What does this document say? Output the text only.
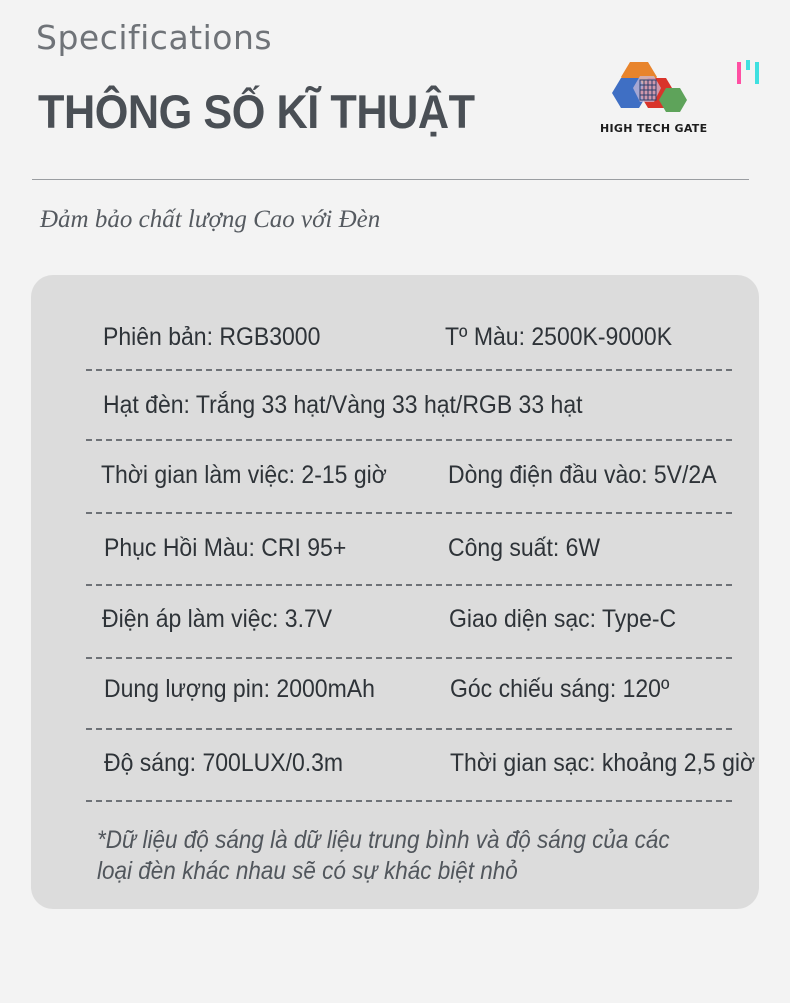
Specifications
THÔNG SỐ KĨ THUẬT	HIGH TECH GATE
Đảm bảo chất lượng Cao với Đèn
Phiên bản: RGB3000	Tº Màu: 2500K-9000K
Hạt đèn: Trắng 33 hạt/Vàng 33 hạt/RGB 33 hạt
Thời gian làm việc: 2-15 giờ Dòng điện đầu vào: 5V/2A
Phục Hồi Màu: CRI 95+	Công suất: 6W
Điện áp làm việc: 3.7V	Giao diện sạc: Type-C
Dung lượng pin: 2000mAh	Góc chiếu sáng: 120º
Độ sáng: 700LUX/0.3m	Thời gian sạc: khoảng 2,5 giờ
*Dữ liệu độ sáng là dữ liệu trung bình và độ sáng của các
loại đèn khác nhau sẽ có sự khác biệt nhỏ
